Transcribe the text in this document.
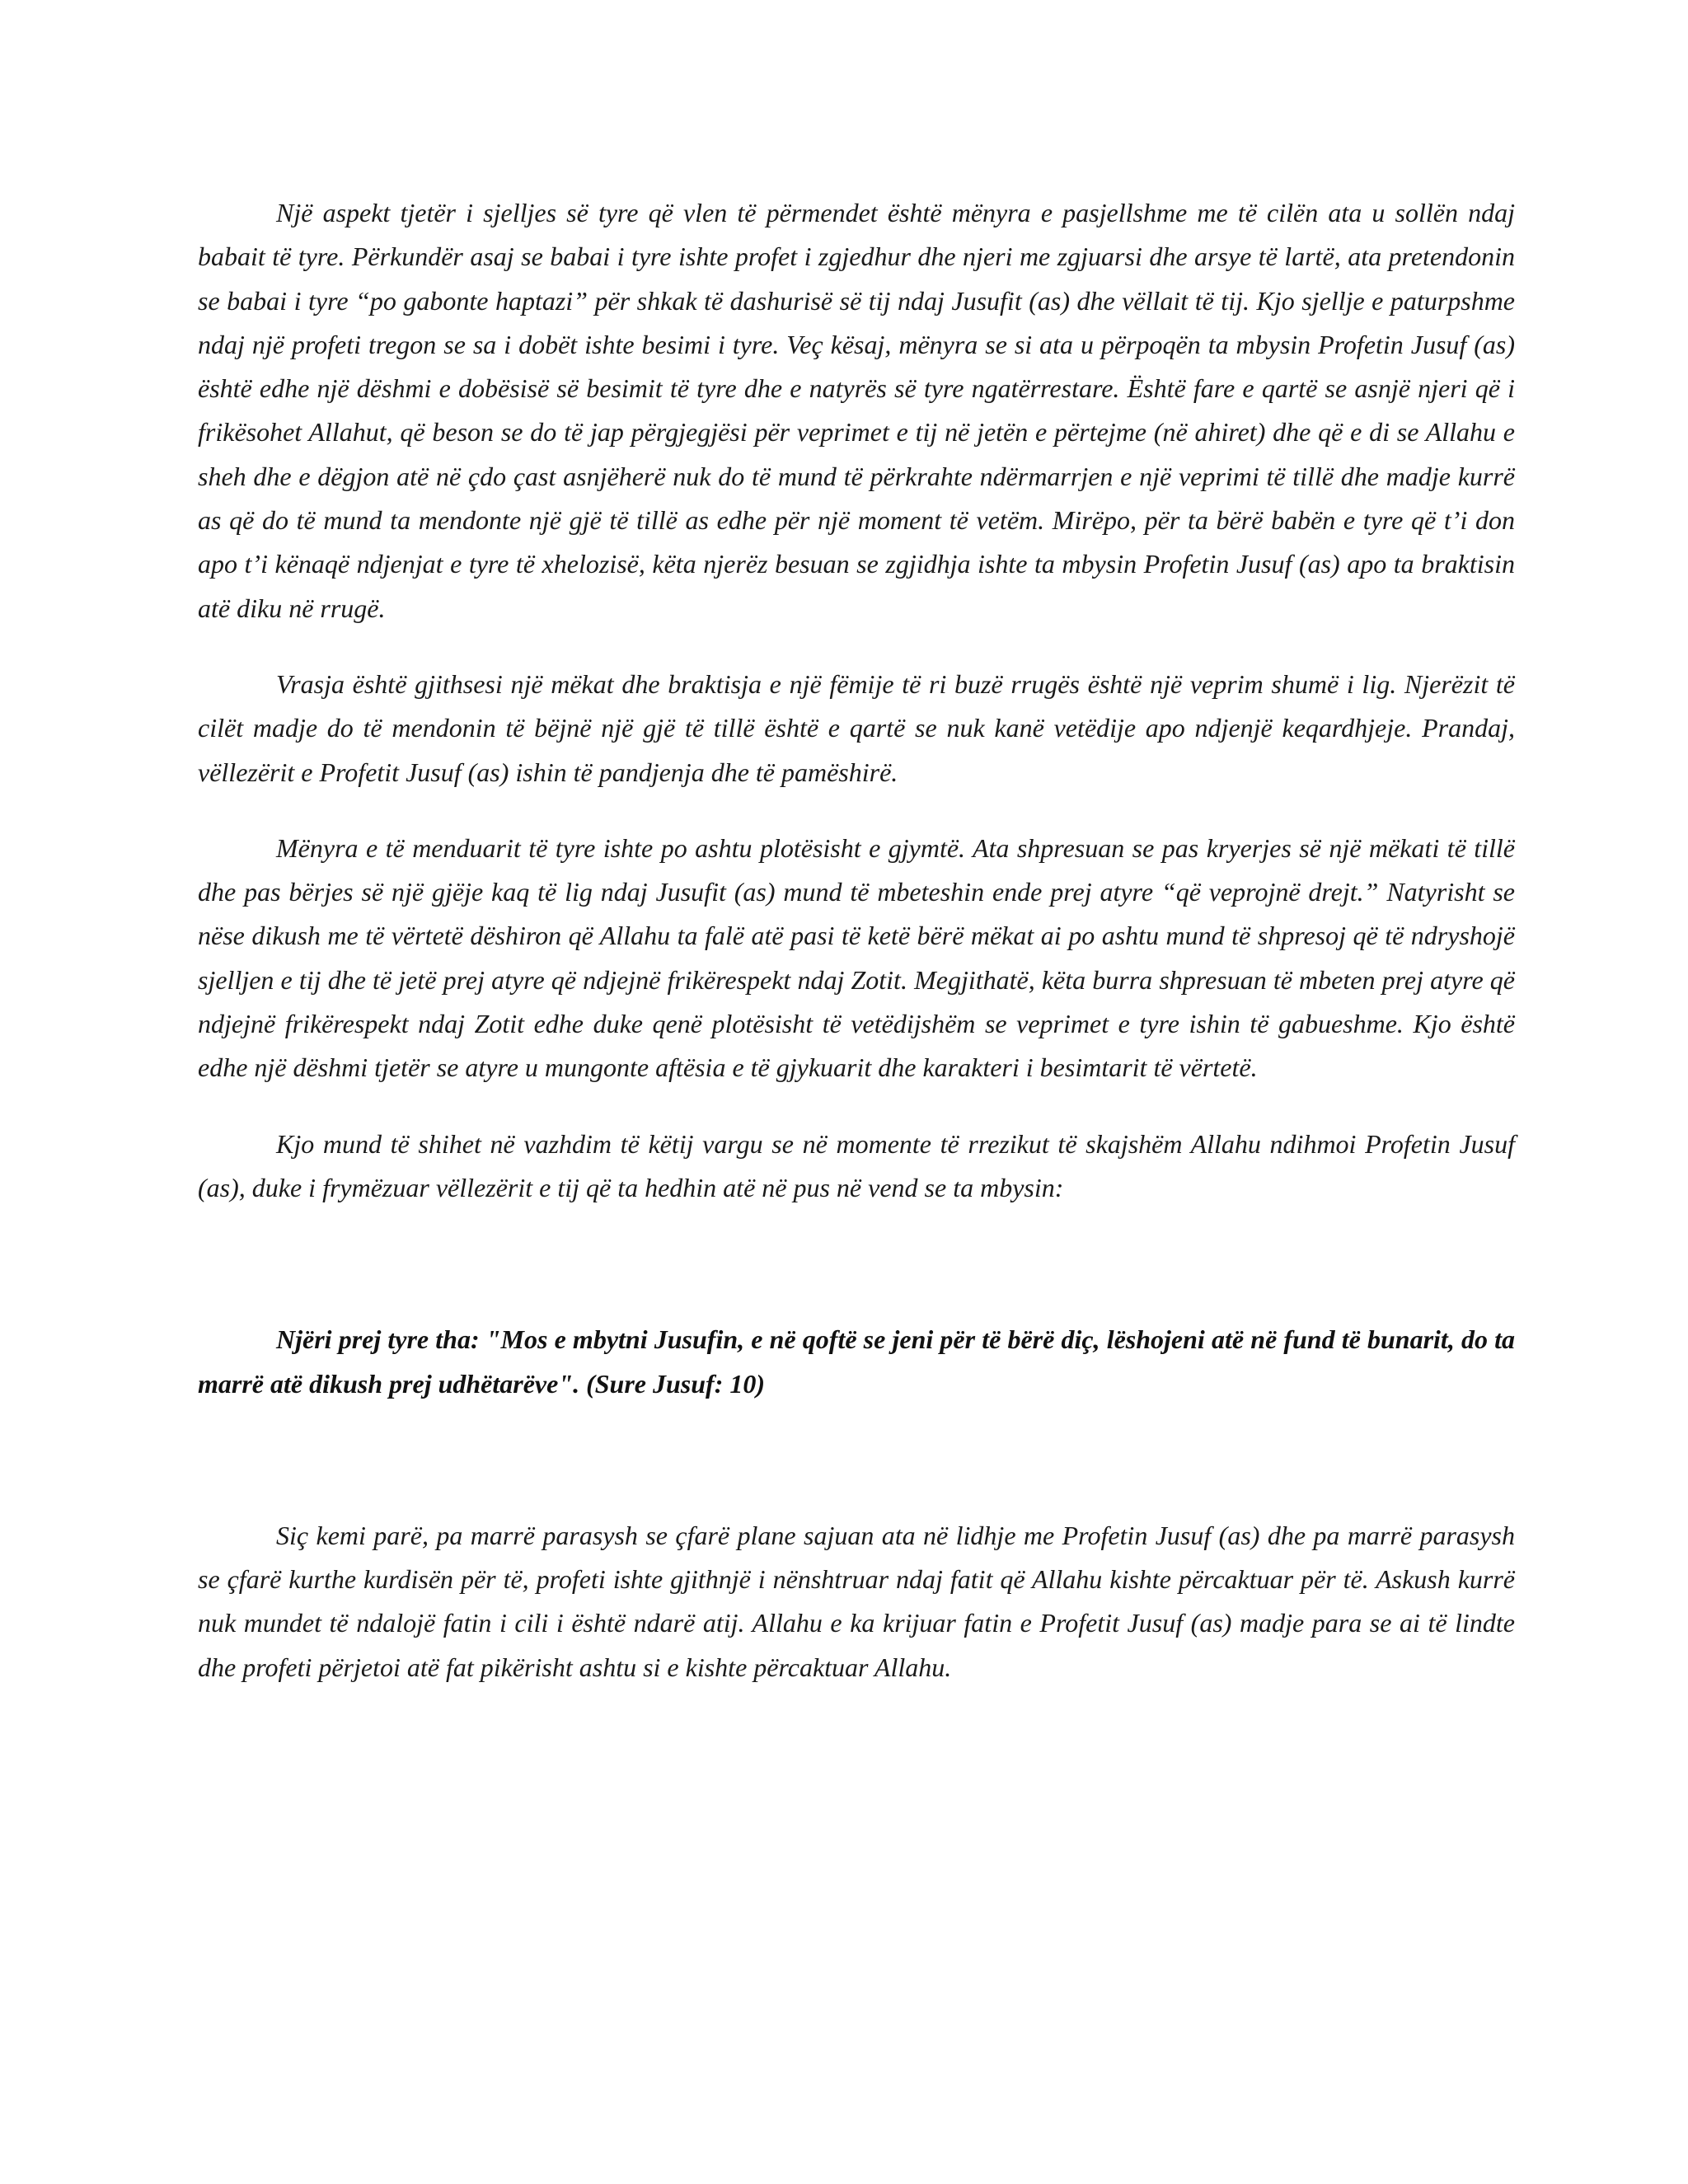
Një aspekt tjetër i sjelljes së tyre që vlen të përmendet është mënyra e pasjellshme me të cilën ata u sollën ndaj babait të tyre. Përkundër asaj se babai i tyre ishte profet i zgjedhur dhe njeri me zgjuarsi dhe arsye të lartë, ata pretendonin se babai i tyre “po gabonte haptazi” për shkak të dashurisë së tij ndaj Jusufit (as) dhe vëllait të tij. Kjo sjellje e paturpshme ndaj një profeti tregon se sa i dobët ishte besimi i tyre. Veç kësaj, mënyra se si ata u përpoqën ta mbysin Profetin Jusuf (as) është edhe një dëshmi e dobësisë së besimit të tyre dhe e natyrës së tyre ngatërrestare. Është fare e qartë se asnjë njeri që i frikësohet Allahut, që beson se do të jap përgjegjësi për veprimet e tij në jetën e përtejme (në ahiret) dhe që e di se Allahu e sheh dhe e dëgjon atë në çdo çast asnjëherë nuk do të mund të përkrahte ndërmarrjen e një veprimi të tillë dhe madje kurrë as që do të mund ta mendonte një gjë të tillë as edhe për një moment të vetëm. Mirëpo, për ta bërë babën e tyre që t’i don apo t’i kënaqë ndjenjat e tyre të xhelozisë, këta njerëz besuan se zgjidhja ishte ta mbysin Profetin Jusuf (as) apo ta braktisin atë diku në rrugë.

Vrasja është gjithsesi një mëkat dhe braktisja e një fëmije të ri buzë rrugës është një veprim shumë i lig. Njerëzit të cilët madje do të mendonin të bëjnë një gjë të tillë është e qartë se nuk kanë vetëdije apo ndjenjë keqardhjeje. Prandaj, vëllezërit e Profetit Jusuf (as) ishin të pandjenja dhe të pamëshirë.

Mënyra e të menduarit të tyre ishte po ashtu plotësisht e gjymtë. Ata shpresuan se pas kryerjes së një mëkati të tillë dhe pas bërjes së një gjëje kaq të lig ndaj Jusufit (as) mund të mbeteshin ende prej atyre “që veprojnë drejt.” Natyrisht se nëse dikush me të vërtetë dëshiron që Allahu ta falë atë pasi të ketë bërë mëkat ai po ashtu mund të shpresoj që të ndryshojë sjelljen e tij dhe të jetë prej atyre që ndjejnë frikërespekt ndaj Zotit. Megjithatë, këta burra shpresuan të mbeten prej atyre që ndjejnë frikërespekt ndaj Zotit edhe duke qenë plotësisht të vetëdijshëm se veprimet e tyre ishin të gabueshme. Kjo është edhe një dëshmi tjetër se atyre u mungonte aftësia e të gjykuarit dhe karakteri i besimtarit të vërtetë.

Kjo mund të shihet në vazhdim të këtij vargu se në momente të rrezikut të skajshëm Allahu ndihmoi Profetin Jusuf (as), duke i frymëzuar vëllezërit e tij që ta hedhin atë në pus në vend se ta mbysin:

Njëri prej tyre tha: "Mos e mbytni Jusufin, e në qoftë se jeni për të bërë diç, lëshojeni atë në fund të bunarit, do ta marrë atë dikush prej udhëtarëve". (Sure Jusuf: 10)

Siç kemi parë, pa marrë parasysh se çfarë plane sajuan ata në lidhje me Profetin Jusuf (as) dhe pa marrë parasysh se çfarë kurthe kurdisën për të, profeti ishte gjithnjë i nënshtruar ndaj fatit që Allahu kishte përcaktuar për të. Askush kurrë nuk mundet të ndalojë fatin i cili i është ndarë atij. Allahu e ka krijuar fatin e Profetit Jusuf (as) madje para se ai të lindte dhe profeti përjetoi atë fat pikërisht ashtu si e kishte përcaktuar Allahu.
